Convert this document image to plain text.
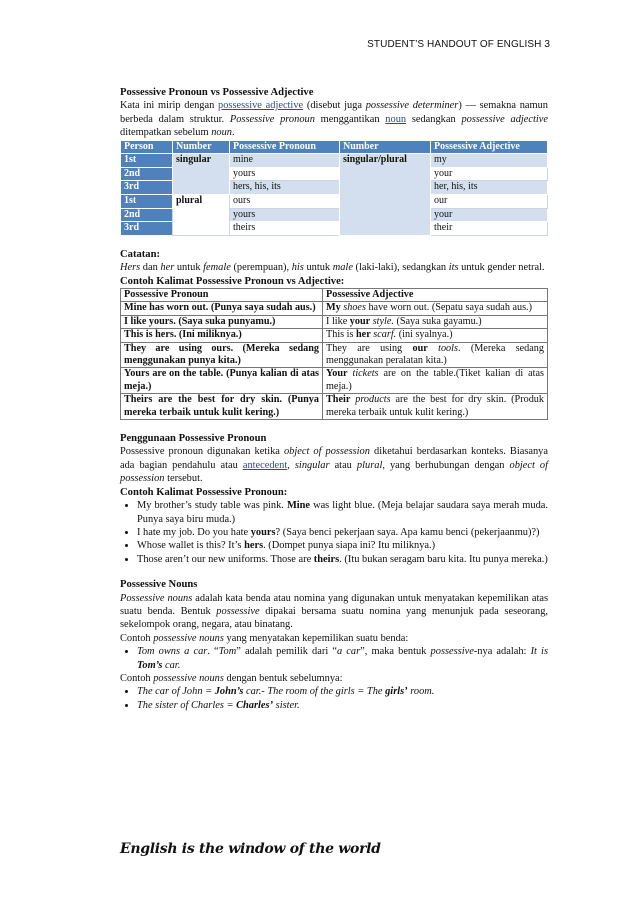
STUDENT’S HANDOUT OF ENGLISH 3
Possessive Pronoun vs Possessive Adjective

Kata ini mirip dengan possessive adjective (disebut juga possessive determiner) — semakna namun berbeda dalam struktur. Possessive pronoun menggantikan noun sedangkan possessive adjective ditempatkan sebelum noun.

Person	Number	Possessive Pronoun	Number	Possessive Adjective
1st	singular	mine	singular/plural	my
2nd		yours		your
3rd		hers, his, its		her, his, its
1st	plural	ours		our
2nd		yours		your
3rd		theirs		their
Catatan:

Hers dan her untuk female (perempuan), his untuk male (laki-laki), sedangkan its untuk gender netral.

Contoh Kalimat Possessive Pronoun vs Adjective:
Possessive Pronoun	Possessive Adjective
Mine has worn out. (Punya saya sudah aus.)	My shoes have worn out. (Sepatu saya sudah aus.)
I like yours. (Saya suka punyamu.)	I like your style. (Saya suka gayamu.)
This is hers. (Ini miliknya.)	This is her scarf. (ini syalnya.)
They are using ours. (Mereka sedang menggunakan punya kita.)	They are using our tools. (Mereka sedang menggunakan peralatan kita.)
Yours are on the table. (Punya kalian di atas meja.)	Your tickets are on the table.(Tiket kalian di atas meja.)
Theirs are the best for dry skin. (Punya mereka terbaik untuk kulit kering.)	Their products are the best for dry skin. (Produk mereka terbaik untuk kulit kering.)
Penggunaan Possessive Pronoun

Possessive pronoun digunakan ketika object of possession diketahui berdasarkan konteks. Biasanya ada bagian pendahulu atau antecedent, singular atau plural, yang berhubungan dengan object of possession tersebut.

Contoh Kalimat Possessive Pronoun:
• My brother’s study table was pink. Mine was light blue. (Meja belajar saudara saya merah muda. Punya saya biru muda.)
• I hate my job. Do you hate yours? (Saya benci pekerjaan saya. Apa kamu benci (pekerjaanmu)?)
• Whose wallet is this? It’s hers. (Dompet punya siapa ini? Itu miliknya.)
• Those aren’t our new uniforms. Those are theirs. (Itu bukan seragam baru kita. Itu punya mereka.)
Possessive Nouns

Possessive nouns adalah kata benda atau nomina yang digunakan untuk menyatakan kepemilikan atas suatu benda. Bentuk possessive dipakai bersama suatu nomina yang menunjuk pada seseorang, sekelompok orang, negara, atau binatang.

Contoh possessive nouns yang menyatakan kepemilikan suatu benda:

• Tom owns a car. “Tom” adalah pemilik dari “a car”, maka bentuk possessive-nya adalah: It is Tom’s car.

Contoh possessive nouns dengan bentuk sebelumnya:

• The car of John = John’s car.- The room of the girls = The girls’ room.
• The sister of Charles = Charles’ sister.
English is the window of the world
